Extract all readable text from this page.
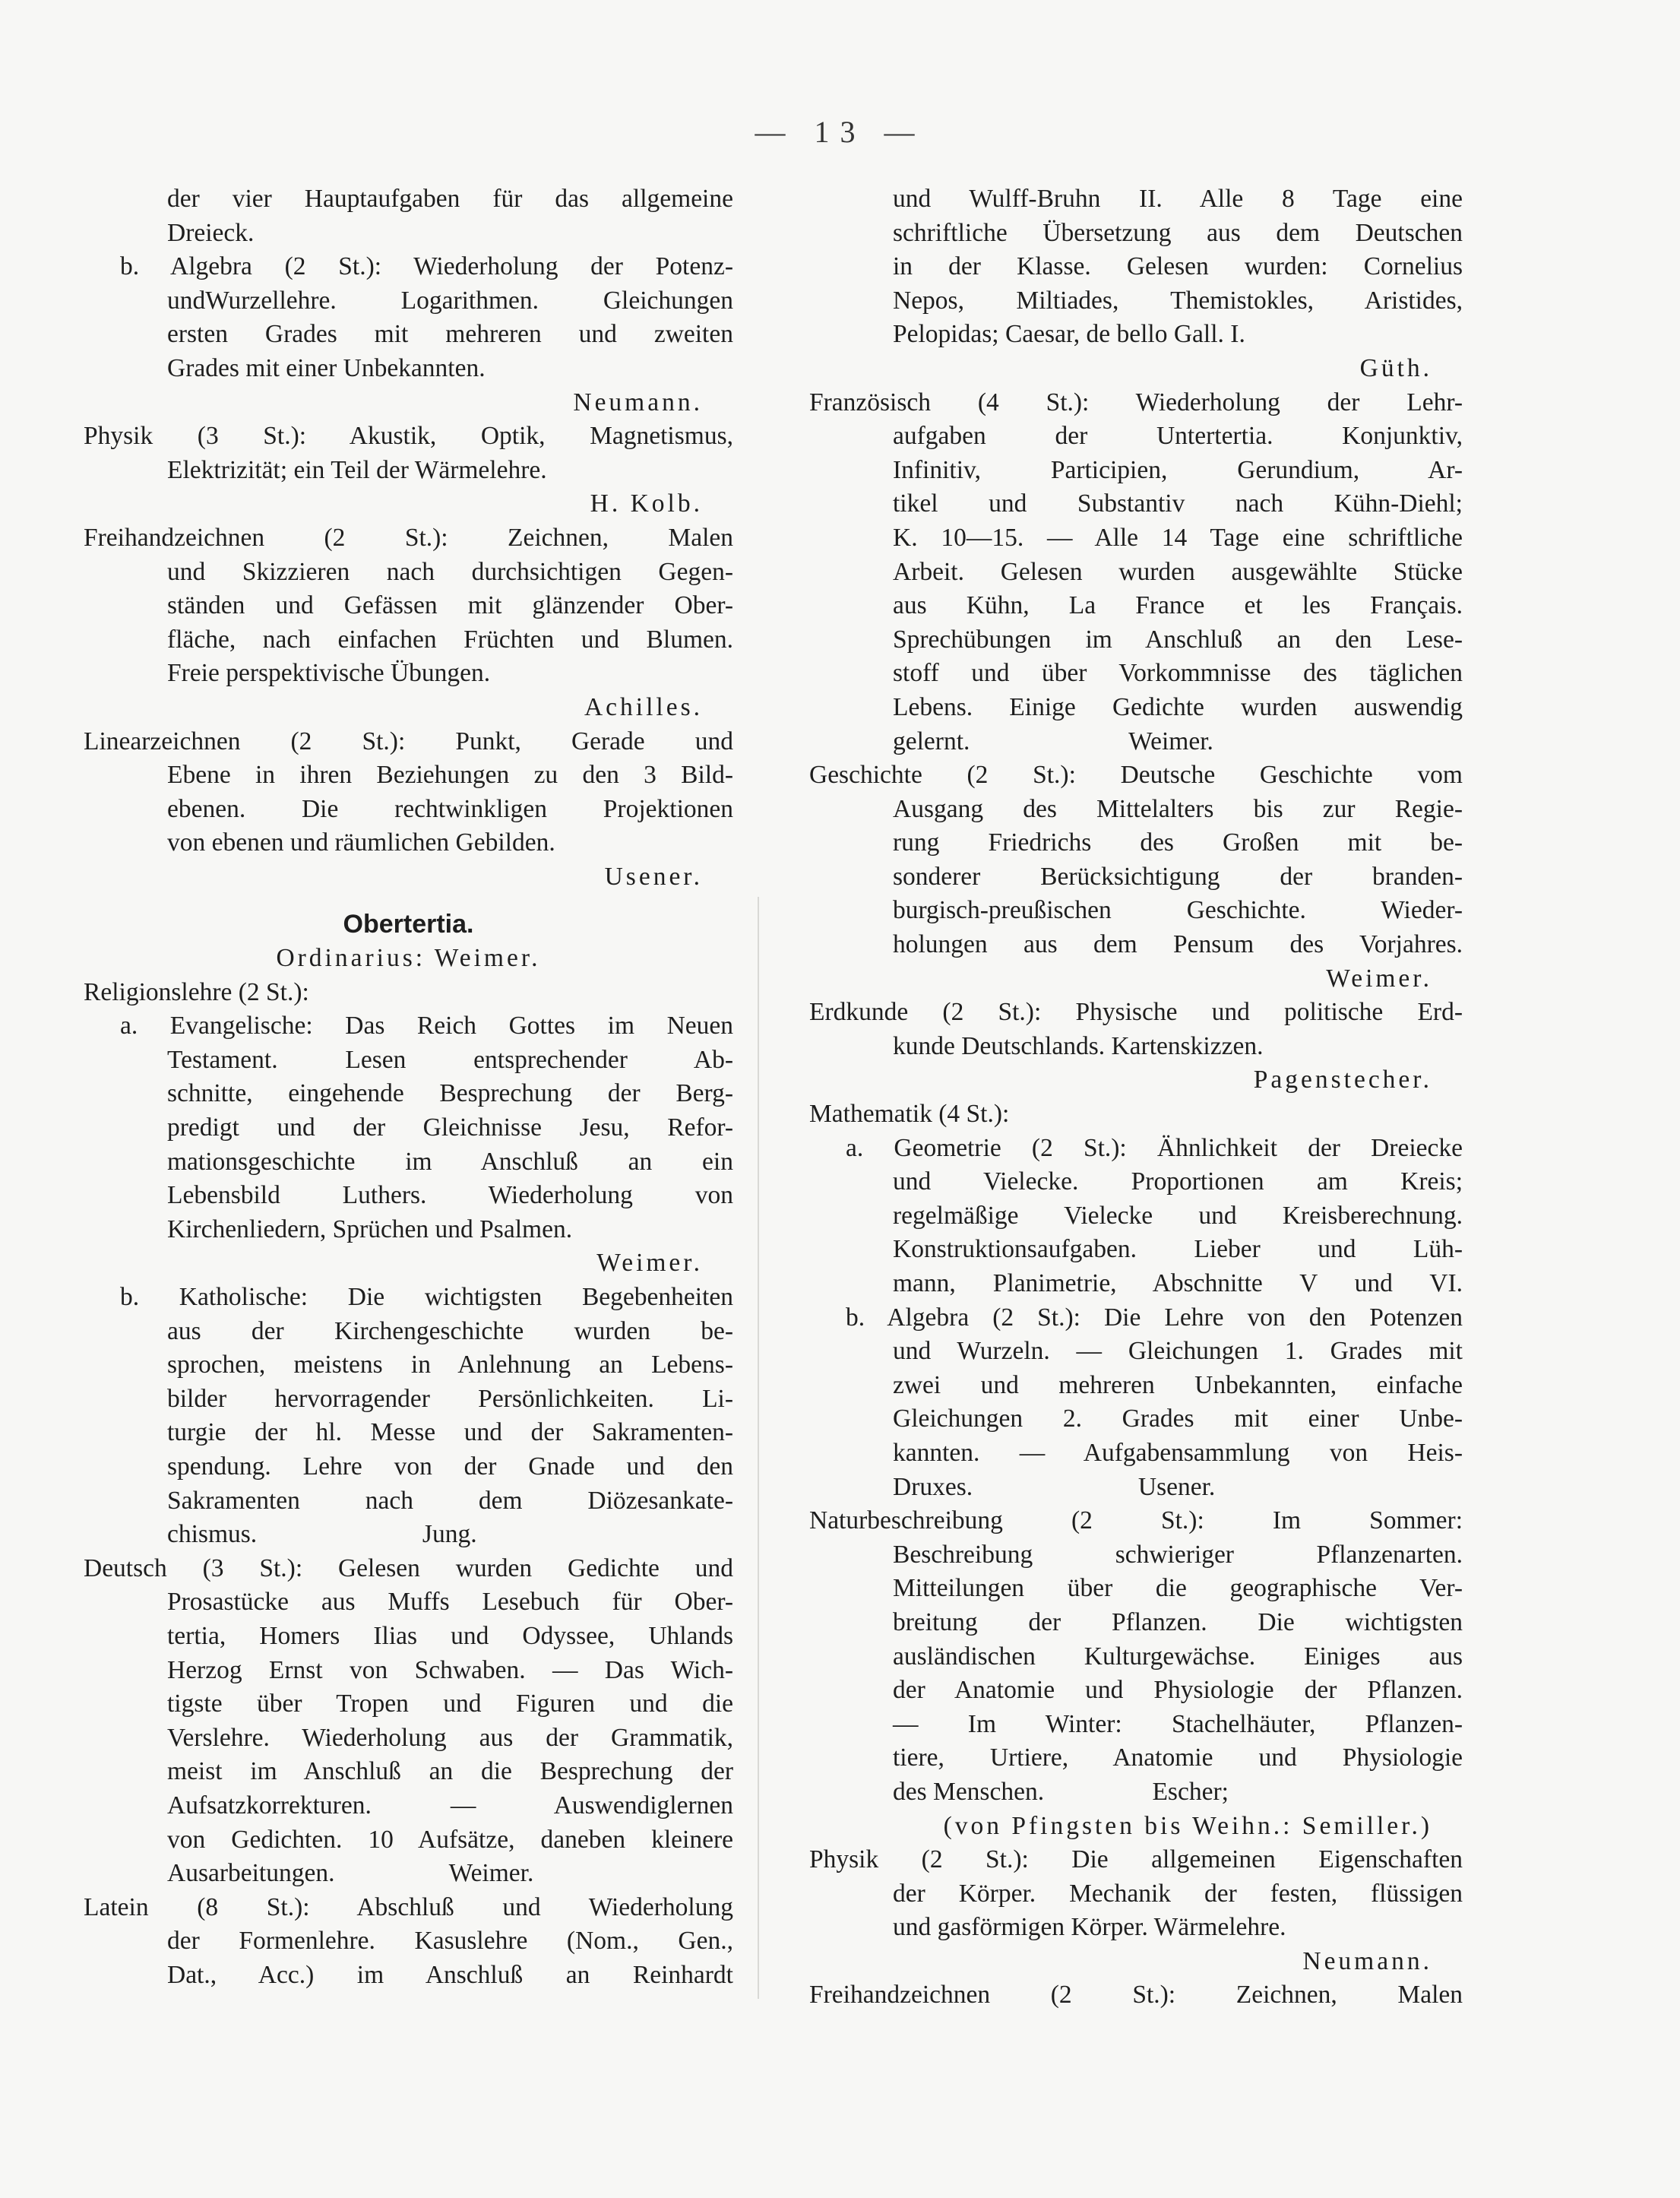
— 13 —
der vier Hauptaufgaben für das allgemeine
Dreieck.
b. Algebra (2 St.): Wiederholung der Potenz-
undWurzellehre. Logarithmen. Gleichungen
ersten Grades mit mehreren und zweiten
Grades mit einer Unbekannten.
Neumann.
Physik (3 St.): Akustik, Optik, Magnetismus,
Elektrizität; ein Teil der Wärmelehre.
H. Kolb.
Freihandzeichnen (2 St.): Zeichnen, Malen
und Skizzieren nach durchsichtigen Gegen-
ständen und Gefässen mit glänzender Ober-
fläche, nach einfachen Früchten und Blumen.
Freie perspektivische Übungen.
Achilles.
Linearzeichnen (2 St.): Punkt, Gerade und
Ebene in ihren Beziehungen zu den 3 Bild-
ebenen. Die rechtwinkligen Projektionen
von ebenen und räumlichen Gebilden.
Usener.
Obertertia.
Ordinarius: Weimer.
Religionslehre (2 St.):
a. Evangelische: Das Reich Gottes im Neuen
Testament. Lesen entsprechender Ab-
schnitte, eingehende Besprechung der Berg-
predigt und der Gleichnisse Jesu, Refor-
mationsgeschichte im Anschluß an ein
Lebensbild Luthers. Wiederholung von
Kirchenliedern, Sprüchen und Psalmen.
Weimer.
b. Katholische: Die wichtigsten Begebenheiten
aus der Kirchengeschichte wurden be-
sprochen, meistens in Anlehnung an Lebens-
bilder hervorragender Persönlichkeiten. Li-
turgie der hl. Messe und der Sakramenten-
spendung. Lehre von der Gnade und den
Sakramenten nach dem Diözesankate-
chismus.                          Jung.
Deutsch (3 St.): Gelesen wurden Gedichte und
Prosastücke aus Muffs Lesebuch für Ober-
tertia, Homers Ilias und Odyssee, Uhlands
Herzog Ernst von Schwaben. — Das Wich-
tigste über Tropen und Figuren und die
Verslehre. Wiederholung aus der Grammatik,
meist im Anschluß an die Besprechung der
Aufsatzkorrekturen. — Auswendiglernen
von Gedichten. 10 Aufsätze, daneben kleinere
Ausarbeitungen.                  Weimer.
Latein (8 St.): Abschluß und Wiederholung
der Formenlehre. Kasuslehre (Nom., Gen.,
Dat., Acc.) im Anschluß an Reinhardt
und Wulff-Bruhn II. Alle 8 Tage eine
schriftliche Übersetzung aus dem Deutschen
in der Klasse. Gelesen wurden: Cornelius
Nepos, Miltiades, Themistokles, Aristides,
Pelopidas; Caesar, de bello Gall. I.
Güth.
Französisch (4 St.): Wiederholung der Lehr-
aufgaben der Untertertia. Konjunktiv,
Infinitiv, Participien, Gerundium, Ar-
tikel und Substantiv nach Kühn-Diehl;
K. 10—15. — Alle 14 Tage eine schriftliche
Arbeit. Gelesen wurden ausgewählte Stücke
aus Kühn, La France et les Français.
Sprechübungen im Anschluß an den Lese-
stoff und über Vorkommnisse des täglichen
Lebens. Einige Gedichte wurden auswendig
gelernt.                         Weimer.
Geschichte (2 St.): Deutsche Geschichte vom
Ausgang des Mittelalters bis zur Regie-
rung Friedrichs des Großen mit be-
sonderer Berücksichtigung der branden-
burgisch-preußischen Geschichte. Wieder-
holungen aus dem Pensum des Vorjahres.
Weimer.
Erdkunde (2 St.): Physische und politische Erd-
kunde Deutschlands. Kartenskizzen.
Pagenstecher.
Mathematik (4 St.):
a. Geometrie (2 St.): Ähnlichkeit der Dreiecke
und Vielecke. Proportionen am Kreis;
regelmäßige Vielecke und Kreisberechnung.
Konstruktionsaufgaben. Lieber und Lüh-
mann, Planimetrie, Abschnitte V und VI.
b. Algebra (2 St.): Die Lehre von den Potenzen
und Wurzeln. — Gleichungen 1. Grades mit
zwei und mehreren Unbekannten, einfache
Gleichungen 2. Grades mit einer Unbe-
kannten. — Aufgabensammlung von Heis-
Druxes.                          Usener.
Naturbeschreibung (2 St.): Im Sommer:
Beschreibung schwieriger Pflanzenarten.
Mitteilungen über die geographische Ver-
breitung der Pflanzen. Die wichtigsten
ausländischen Kulturgewächse. Einiges aus
der Anatomie und Physiologie der Pflanzen.
— Im Winter: Stachelhäuter, Pflanzen-
tiere, Urtiere, Anatomie und Physiologie
des Menschen.                 Escher;
(von Pfingsten bis Weihn.: Semiller.)
Physik (2 St.): Die allgemeinen Eigenschaften
der Körper. Mechanik der festen, flüssigen
und gasförmigen Körper. Wärmelehre.
Neumann.
Freihandzeichnen (2 St.): Zeichnen, Malen
